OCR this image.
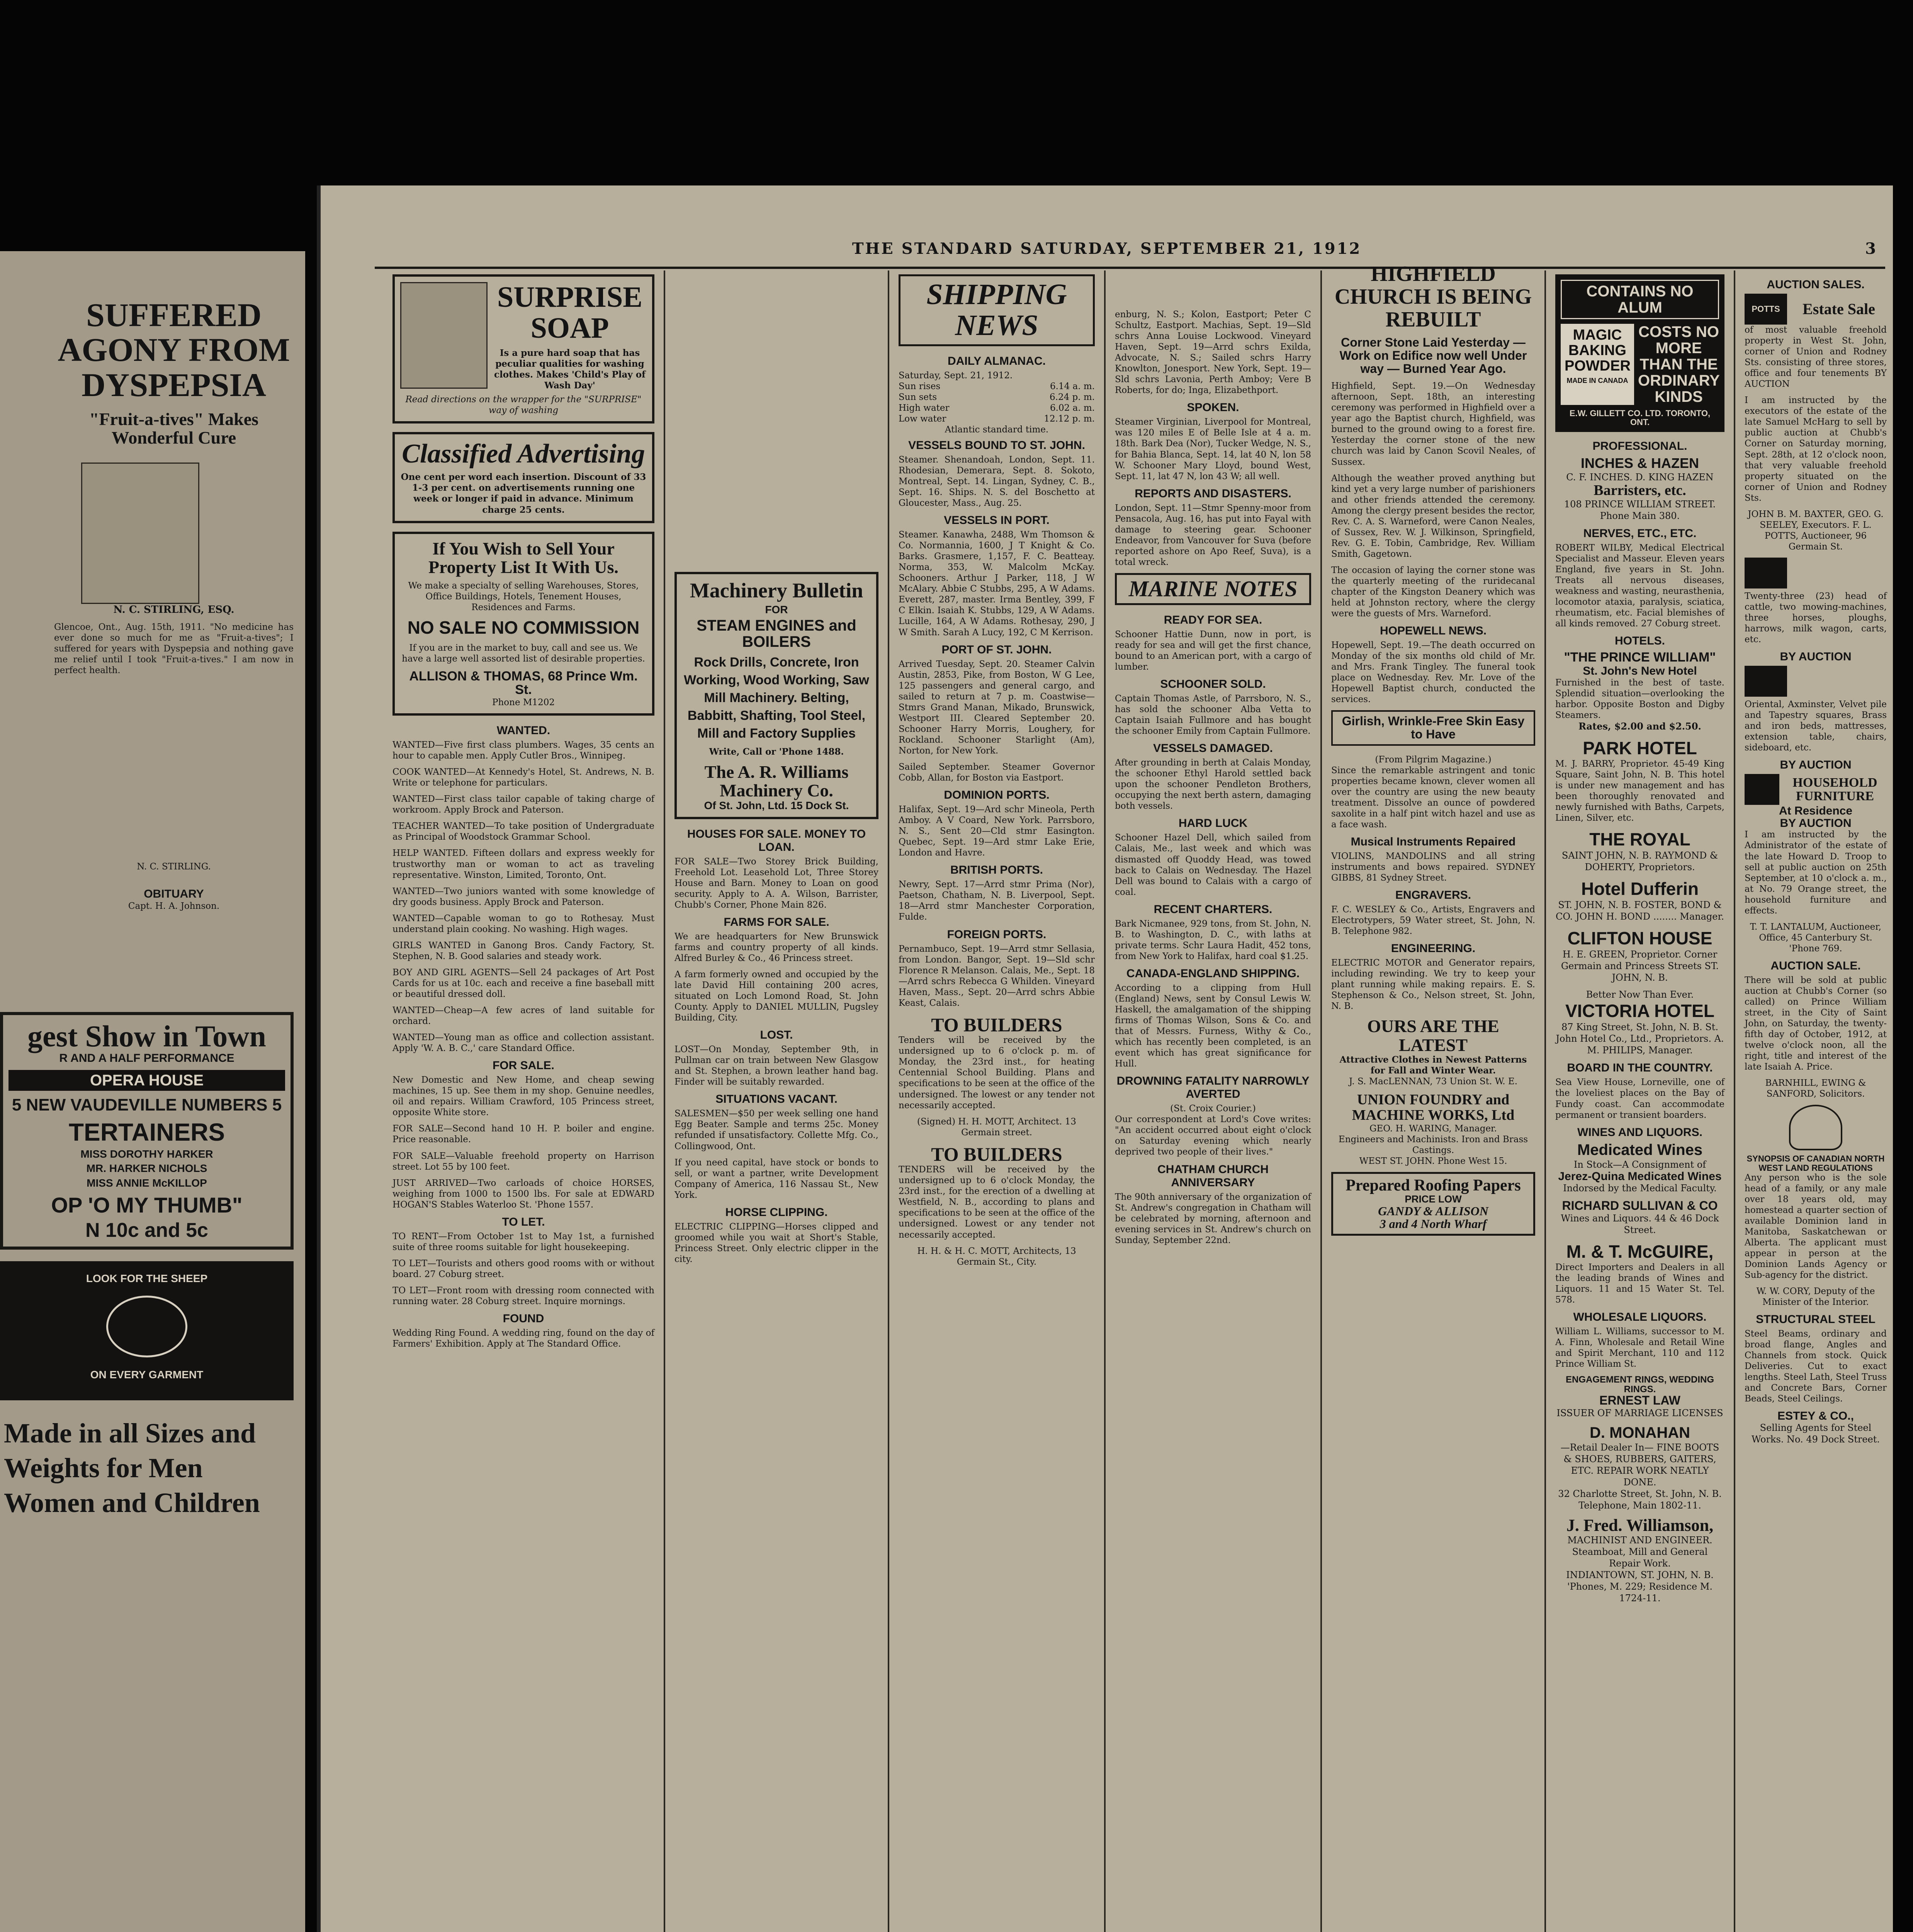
SUFFERED AGONY FROM DYSPEPSIA
"Fruit-a-tives" Makes Wonderful Cure
N. C. STIRLING, ESQ.
Glencoe, Ont., Aug. 15th, 1911. "No medicine has ever done so much for me as "Fruit-a-tives"; I suffered for years with Dyspepsia and nothing gave me relief until I took "Fruit-a-tives." I am now in perfect health.
N. C. STIRLING.
OBITUARY
Capt. H. A. Johnson.
gest Show in Town
R AND A HALF PERFORMANCE
OPERA HOUSE
5 NEW VAUDEVILLE NUMBERS 5
TERTAINERS
MISS DOROTHY HARKER
MR. HARKER NICHOLS
MISS ANNIE McKILLOP
OP 'O MY THUMB"
N 10c and 5c
LOOK FOR THE SHEEP
ON EVERY GARMENT
Made in all Sizes and Weights for Men Women and Children
THE STANDARD SATURDAY, SEPTEMBER 21, 1912	3
SURPRISE SOAP
Is a pure hard soap that has peculiar qualities for washing clothes. Makes 'Child's Play of Wash Day'
Read directions on the wrapper for the "SURPRISE" way of washing
Classified Advertising
One cent per word each insertion. Discount of 33 1-3 per cent. on advertisements running one week or longer if paid in advance. Minimum charge 25 cents.
If You Wish to Sell Your Property List It With Us.
We make a specialty of selling Warehouses, Stores, Office Buildings, Hotels, Tenement Houses, Residences and Farms.
NO SALE NO COMMISSION
If you are in the market to buy, call and see us. We have a large well assorted list of desirable properties.
ALLISON & THOMAS, 68 Prince Wm. St.
Phone M1202
WANTED.
WANTED—Five first class plumbers. Wages, 35 cents an hour to capable men. Apply Cutler Bros., Winnipeg.
COOK WANTED—At Kennedy's Hotel, St. Andrews, N. B. Write or telephone for particulars.
WANTED—First class tailor capable of taking charge of workroom. Apply Brock and Paterson.
TEACHER WANTED—To take position of Undergraduate as Principal of Woodstock Grammar School.
HELP WANTED. Fifteen dollars and express weekly for trustworthy man or woman to act as traveling representative. Winston, Limited, Toronto, Ont.
WANTED—Two juniors wanted with some knowledge of dry goods business. Apply Brock and Paterson.
WANTED—Capable woman to go to Rothesay. Must understand plain cooking. No washing. High wages.
GIRLS WANTED in Ganong Bros. Candy Factory, St. Stephen, N. B. Good salaries and steady work.
BOY AND GIRL AGENTS—Sell 24 packages of Art Post Cards for us at 10c. each and receive a fine baseball mitt or beautiful dressed doll.
WANTED—Cheap—A few acres of land suitable for orchard.
WANTED—Young man as office and collection assistant. Apply 'W. A. B. C.,' care Standard Office.
FOR SALE.
New Domestic and New Home, and cheap sewing machines, 15 up. See them in my shop. Genuine needles, oil and repairs. William Crawford, 105 Princess street, opposite White store.
FOR SALE—Second hand 10 H. P. boiler and engine. Price reasonable.
FOR SALE—Valuable freehold property on Harrison street. Lot 55 by 100 feet.
JUST ARRIVED—Two carloads of choice HORSES, weighing from 1000 to 1500 lbs. For sale at EDWARD HOGAN'S Stables Waterloo St. 'Phone 1557.
TO LET.
TO RENT—From October 1st to May 1st, a furnished suite of three rooms suitable for light housekeeping.
TO LET—Tourists and others good rooms with or without board. 27 Coburg street.
TO LET—Front room with dressing room connected with running water. 28 Coburg street. Inquire mornings.
FOUND
Wedding Ring Found. A wedding ring, found on the day of Farmers' Exhibition. Apply at The Standard Office.
Machinery Bulletin
FOR
STEAM ENGINES and BOILERS
Rock Drills, Concrete, Iron Working, Wood Working, Saw Mill Machinery. Belting, Babbitt, Shafting, Tool Steel, Mill and Factory Supplies
Write, Call or 'Phone 1488.
The A. R. Williams Machinery Co.
Of St. John, Ltd. 15 Dock St.
HOUSES FOR SALE. MONEY TO LOAN.
FOR SALE—Two Storey Brick Building, Freehold Lot. Leasehold Lot, Three Storey House and Barn. Money to Loan on good security. Apply to A. A. Wilson, Barrister, Chubb's Corner, Phone Main 826.
FARMS FOR SALE.
We are headquarters for New Brunswick farms and country property of all kinds. Alfred Burley & Co., 46 Princess street.
A farm formerly owned and occupied by the late David Hill containing 200 acres, situated on Loch Lomond Road, St. John County. Apply to DANIEL MULLIN, Pugsley Building, City.
LOST.
LOST—On Monday, September 9th, in Pullman car on train between New Glasgow and St. Stephen, a brown leather hand bag. Finder will be suitably rewarded.
SITUATIONS VACANT.
SALESMEN—$50 per week selling one hand Egg Beater. Sample and terms 25c. Money refunded if unsatisfactory. Collette Mfg. Co., Collingwood, Ont.
If you need capital, have stock or bonds to sell, or want a partner, write Development Company of America, 116 Nassau St., New York.
HORSE CLIPPING.
ELECTRIC CLIPPING—Horses clipped and groomed while you wait at Short's Stable, Princess Street. Only electric clipper in the city.
SHIPPING NEWS
DAILY ALMANAC.
Saturday, Sept. 21, 1912.
Sun rises	6.14 a. m.
Sun sets	6.24 p. m.
High water	6.02 a. m.
Low water	12.12 p. m.
Atlantic standard time.
VESSELS BOUND TO ST. JOHN.
Steamer. Shenandoah, London, Sept. 11. Rhodesian, Demerara, Sept. 8. Sokoto, Montreal, Sept. 14. Lingan, Sydney, C. B., Sept. 16. Ships. N. S. del Boschetto at Gloucester, Mass., Aug. 25.
VESSELS IN PORT.
Steamer. Kanawha, 2488, Wm Thomson & Co. Normannia, 1600, J T Knight & Co. Barks. Grasmere, 1,157, F. C. Beatteay. Norma, 353, W. Malcolm McKay. Schooners. Arthur J Parker, 118, J W McAlary. Abbie C Stubbs, 295, A W Adams. Everett, 287, master. Irma Bentley, 399, F C Elkin. Isaiah K. Stubbs, 129, A W Adams. Lucille, 164, A W Adams. Rothesay, 290, J W Smith. Sarah A Lucy, 192, C M Kerrison.
PORT OF ST. JOHN.
Arrived Tuesday, Sept. 20. Steamer Calvin Austin, 2853, Pike, from Boston, W G Lee, 125 passengers and general cargo, and sailed to return at 7 p. m. Coastwise—Stmrs Grand Manan, Mikado, Brunswick, Westport III. Cleared September 20. Schooner Harry Morris, Loughery, for Rockland. Schooner Starlight (Am), Norton, for New York.
Sailed September. Steamer Governor Cobb, Allan, for Boston via Eastport.
DOMINION PORTS.
Halifax, Sept. 19—Ard schr Mineola, Perth Amboy. A V Coard, New York. Parrsboro, N. S., Sent 20—Cld stmr Easington. Quebec, Sept. 19—Ard stmr Lake Erie, London and Havre.
BRITISH PORTS.
Newry, Sept. 17—Arrd stmr Prima (Nor), Paetson, Chatham, N. B. Liverpool, Sept. 18—Arrd stmr Manchester Corporation, Fulde.
FOREIGN PORTS.
Pernambuco, Sept. 19—Arrd stmr Sellasia, from London. Bangor, Sept. 19—Sld schr Florence R Melanson. Calais, Me., Sept. 18—Arrd schrs Rebecca G Whilden. Vineyard Haven, Mass., Sept. 20—Arrd schrs Abbie Keast, Calais.
TO BUILDERS
Tenders will be received by the undersigned up to 6 o'clock p. m. of Monday, the 23rd inst., for heating Centennial School Building. Plans and specifications to be seen at the office of the undersigned. The lowest or any tender not necessarily accepted.
(Signed) H. H. MOTT, Architect. 13 Germain street.
TO BUILDERS
TENDERS will be received by the undersigned up to 6 o'clock Monday, the 23rd inst., for the erection of a dwelling at Westfield, N. B., according to plans and specifications to be seen at the office of the undersigned. Lowest or any tender not necessarily accepted.
H. H. & H. C. MOTT, Architects, 13 Germain St., City.
enburg, N. S.; Kolon, Eastport; Peter C Schultz, Eastport. Machias, Sept. 19—Sld schrs Anna Louise Lockwood. Vineyard Haven, Sept. 19—Arrd schrs Exilda, Advocate, N. S.; Sailed schrs Harry Knowlton, Jonesport. New York, Sept. 19—Sld schrs Lavonia, Perth Amboy; Vere B Roberts, for do; Inga, Elizabethport.
SPOKEN.
Steamer Virginian, Liverpool for Montreal, was 120 miles E of Belle Isle at 4 a. m. 18th. Bark Dea (Nor), Tucker Wedge, N. S., for Bahia Blanca, Sept. 14, lat 40 N, lon 58 W. Schooner Mary Lloyd, bound West, Sept. 11, lat 47 N, lon 43 W; all well.
REPORTS AND DISASTERS.
London, Sept. 11—Stmr Spenny-moor from Pensacola, Aug. 16, has put into Fayal with damage to steering gear. Schooner Endeavor, from Vancouver for Suva (before reported ashore on Apo Reef, Suva), is a total wreck.
MARINE NOTES
READY FOR SEA.
Schooner Hattie Dunn, now in port, is ready for sea and will get the first chance, bound to an American port, with a cargo of lumber.
SCHOONER SOLD.
Captain Thomas Astle, of Parrsboro, N. S., has sold the schooner Alba Vetta to Captain Isaiah Fullmore and has bought the schooner Emily from Captain Fullmore.
VESSELS DAMAGED.
After grounding in berth at Calais Monday, the schooner Ethyl Harold settled back upon the schooner Pendleton Brothers, occupying the next berth astern, damaging both vessels.
HARD LUCK
Schooner Hazel Dell, which sailed from Calais, Me., last week and which was dismasted off Quoddy Head, was towed back to Calais on Wednesday. The Hazel Dell was bound to Calais with a cargo of coal.
RECENT CHARTERS.
Bark Nicmanee, 929 tons, from St. John, N. B. to Washington, D. C., with laths at private terms. Schr Laura Hadit, 452 tons, from New York to Halifax, hard coal $1.25.
CANADA-ENGLAND SHIPPING.
According to a clipping from Hull (England) News, sent by Consul Lewis W. Haskell, the amalgamation of the shipping firms of Thomas Wilson, Sons & Co. and that of Messrs. Furness, Withy & Co., which has recently been completed, is an event which has great significance for Hull.
DROWNING FATALITY NARROWLY AVERTED
(St. Croix Courier.)
Our correspondent at Lord's Cove writes: "An accident occurred about eight o'clock on Saturday evening which nearly deprived two people of their lives."
CHATHAM CHURCH ANNIVERSARY
The 90th anniversary of the organization of St. Andrew's congregation in Chatham will be celebrated by morning, afternoon and evening services in St. Andrew's church on Sunday, September 22nd.
HIGHFIELD CHURCH IS BEING REBUILT
Corner Stone Laid Yesterday —Work on Edifice now well Under way — Burned Year Ago.
Highfield, Sept. 19.—On Wednesday afternoon, Sept. 18th, an interesting ceremony was performed in Highfield over a year ago the Baptist church, Highfield, was burned to the ground owing to a forest fire. Yesterday the corner stone of the new church was laid by Canon Scovil Neales, of Sussex.
Although the weather proved anything but kind yet a very large number of parishioners and other friends attended the ceremony. Among the clergy present besides the rector, Rev. C. A. S. Warneford, were Canon Neales, of Sussex, Rev. W. J. Wilkinson, Springfield, Rev. G. E. Tobin, Cambridge, Rev. William Smith, Gagetown.
The occasion of laying the corner stone was the quarterly meeting of the ruridecanal chapter of the Kingston Deanery which was held at Johnston rectory, where the clergy were the guests of Mrs. Warneford.
HOPEWELL NEWS.
Hopewell, Sept. 19.—The death occurred on Monday of the six months old child of Mr. and Mrs. Frank Tingley. The funeral took place on Wednesday. Rev. Mr. Love of the Hopewell Baptist church, conducted the services.
Girlish, Wrinkle-Free Skin Easy to Have
(From Pilgrim Magazine.)
Since the remarkable astringent and tonic properties became known, clever women all over the country are using the new beauty treatment. Dissolve an ounce of powdered saxolite in a half pint witch hazel and use as a face wash.
Musical Instruments Repaired
VIOLINS, MANDOLINS and all string instruments and bows repaired. SYDNEY GIBBS, 81 Sydney Street.
ENGRAVERS.
F. C. WESLEY & Co., Artists, Engravers and Electrotypers, 59 Water street, St. John, N. B. Telephone 982.
ENGINEERING.
ELECTRIC MOTOR and Generator repairs, including rewinding. We try to keep your plant running while making repairs. E. S. Stephenson & Co., Nelson street, St. John, N. B.
OURS ARE THE LATEST
Attractive Clothes in Newest Patterns for Fall and Winter Wear.
J. S. MacLENNAN, 73 Union St. W. E.
UNION FOUNDRY and MACHINE WORKS, Ltd
GEO. H. WARING, Manager.
Engineers and Machinists. Iron and Brass Castings.
WEST ST. JOHN. Phone West 15.
Prepared Roofing Papers
PRICE LOW
GANDY & ALLISON
3 and 4 North Wharf
CONTAINS NO ALUM
MAGIC BAKING POWDER
MADE IN CANADA
COSTS NO MORE THAN THE ORDINARY KINDS
E.W. GILLETT CO. LTD. TORONTO, ONT.
PROFESSIONAL.
INCHES & HAZEN
C. F. INCHES. D. KING HAZEN
Barristers, etc.
108 PRINCE WILLIAM STREET. Phone Main 380.
NERVES, ETC., ETC.
ROBERT WILBY, Medical Electrical Specialist and Masseur. Eleven years England, five years in St. John. Treats all nervous diseases, weakness and wasting, neurasthenia, locomotor ataxia, paralysis, sciatica, rheumatism, etc. Facial blemishes of all kinds removed. 27 Coburg street.
HOTELS.
"THE PRINCE WILLIAM"
St. John's New Hotel
Furnished in the best of taste. Splendid situation—overlooking the harbor. Opposite Boston and Digby Steamers.
Rates, $2.00 and $2.50.
PARK HOTEL
M. J. BARRY, Proprietor. 45-49 King Square, Saint John, N. B. This hotel is under new management and has been thoroughly renovated and newly furnished with Baths, Carpets, Linen, Silver, etc.
THE ROYAL
SAINT JOHN, N. B. RAYMOND & DOHERTY, Proprietors.
Hotel Dufferin
ST. JOHN, N. B. FOSTER, BOND & CO. JOHN H. BOND ........ Manager.
CLIFTON HOUSE
H. E. GREEN, Proprietor. Corner Germain and Princess Streets ST. JOHN, N. B.
Better Now Than Ever.
VICTORIA HOTEL
87 King Street, St. John, N. B. St. John Hotel Co., Ltd., Proprietors. A. M. PHILIPS, Manager.
BOARD IN THE COUNTRY.
Sea View House, Lorneville, one of the loveliest places on the Bay of Fundy coast. Can accommodate permanent or transient boarders.
WINES AND LIQUORS.
Medicated Wines
In Stock—A Consignment of
Jerez-Quina Medicated Wines
Indorsed by the Medical Faculty.
RICHARD SULLIVAN & CO
Wines and Liquors. 44 & 46 Dock Street.
M. & T. McGUIRE,
Direct Importers and Dealers in all the leading brands of Wines and Liquors. 11 and 15 Water St. Tel. 578.
WHOLESALE LIQUORS.
William L. Williams, successor to M. A. Finn, Wholesale and Retail Wine and Spirit Merchant, 110 and 112 Prince William St.
ENGAGEMENT RINGS, WEDDING RINGS.
ERNEST LAW
ISSUER OF MARRIAGE LICENSES
D. MONAHAN
—Retail Dealer In— FINE BOOTS & SHOES, RUBBERS, GAITERS, ETC. REPAIR WORK NEATLY DONE.
32 Charlotte Street, St. John, N. B. Telephone, Main 1802-11.
J. Fred. Williamson,
MACHINIST AND ENGINEER. Steamboat, Mill and General Repair Work.
INDIANTOWN, ST. JOHN, N. B. 'Phones, M. 229; Residence M. 1724-11.
AUCTION SALES.
POTTS	Estate Sale
of most valuable freehold property in West St. John, corner of Union and Rodney Sts. consisting of three stores, office and four tenements BY AUCTION
I am instructed by the executors of the estate of the late Samuel McHarg to sell by public auction at Chubb's Corner on Saturday morning, Sept. 28th, at 12 o'clock noon, that very valuable freehold property situated on the corner of Union and Rodney Sts.
JOHN B. M. BAXTER, GEO. G. SEELEY, Executors. F. L. POTTS, Auctioneer, 96 Germain St.
Twenty-three (23) head of cattle, two mowing-machines, three horses, ploughs, harrows, milk wagon, carts, etc.
BY AUCTION
Oriental, Axminster, Velvet pile and Tapestry squares, Brass and iron beds, mattresses, extension table, chairs, sideboard, etc.
BY AUCTION
HOUSEHOLD FURNITURE
At Residence
BY AUCTION
I am instructed by the Administrator of the estate of the late Howard D. Troop to sell at public auction on 25th September, at 10 o'clock a. m., at No. 79 Orange street, the household furniture and effects.
T. T. LANTALUM, Auctioneer, Office, 45 Canterbury St. 'Phone 769.
AUCTION SALE.
There will be sold at public auction at Chubb's Corner (so called) on Prince William street, in the City of Saint John, on Saturday, the twenty-fifth day of October, 1912, at twelve o'clock noon, all the right, title and interest of the late Isaiah A. Price.
BARNHILL, EWING & SANFORD, Solicitors.
SYNOPSIS OF CANADIAN NORTH WEST LAND REGULATIONS
Any person who is the sole head of a family, or any male over 18 years old, may homestead a quarter section of available Dominion land in Manitoba, Saskatchewan or Alberta. The applicant must appear in person at the Dominion Lands Agency or Sub-agency for the district.
W. W. CORY, Deputy of the Minister of the Interior.
STRUCTURAL STEEL
Steel Beams, ordinary and broad flange, Angles and Channels from stock. Quick Deliveries. Cut to exact lengths. Steel Lath, Steel Truss and Concrete Bars, Corner Beads, Steel Ceilings.
ESTEY & CO.,
Selling Agents for Steel Works. No. 49 Dock Street.
